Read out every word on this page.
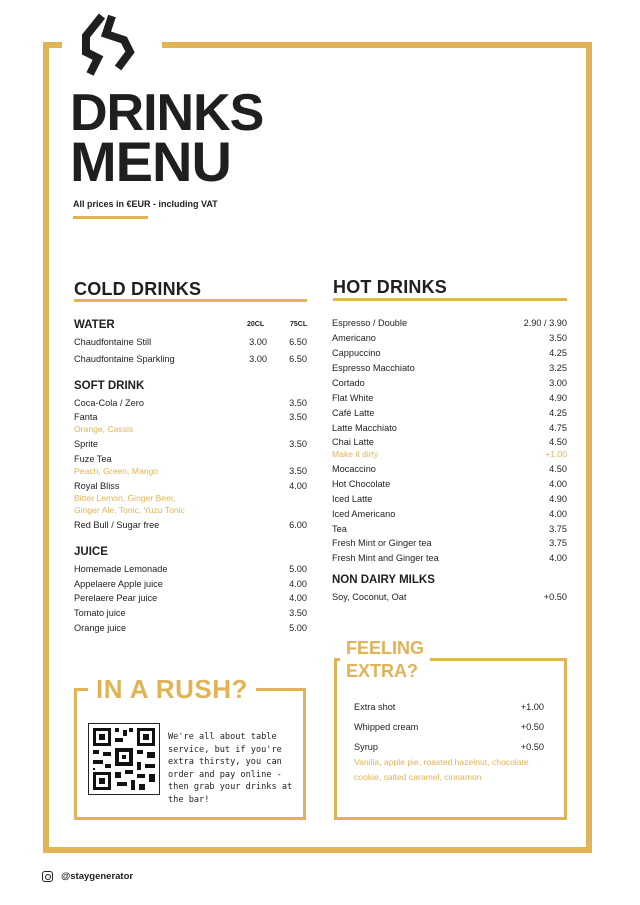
DRINKS
MENU
All prices in €EUR - including VAT
COLD DRINKS
WATER	20CL	75CL
Chaudfontaine Still	3.00	6.50
Chaudfontaine Sparkling	3.00	6.50
SOFT DRINK
Coca-Cola / Zero	3.50
Fanta	3.50
Orange, Cassis
Sprite	3.50
Fuze Tea
Peach, Green, Mango	3.50
Royal Bliss	4.00
Bitter Lemon, Ginger Beer,
Ginger Ale, Tonic, Yuzu Tonic
Red Bull / Sugar free	6.00
JUICE
Homemade Lemonade	5.00
Appelaere Apple juice	4.00
Perelaere Pear juice	4.00
Tomato juice	3.50
Orange juice	5.00
HOT DRINKS
Espresso / Double	2.90 / 3.90
Americano	3.50
Cappuccino	4.25
Espresso Macchiato	3.25
Cortado	3.00
Flat White	4.90
Café Latte	4.25
Latte Macchiato	4.75
Chai Latte	4.50
Make it dirty	+1.00
Mocaccino	4.50
Hot Chocolate	4.00
Iced Latte	4.90
Iced Americano	4.00
Tea	3.75
Fresh Mint or Ginger tea	3.75
Fresh Mint and Ginger tea	4.00
NON DAIRY MILKS
Soy, Coconut, Oat	+0.50
IN A RUSH?
We're all about table service, but if you're extra thirsty, you can order and pay online - then grab your drinks at the bar!
FEELING
EXTRA?
Extra shot	+1.00
Whipped cream	+0.50
Syrup	+0.50
Vanilla, apple pie, roasted hazelnut, chocolate cookie, salted caramel, cinnamon
@staygenerator
